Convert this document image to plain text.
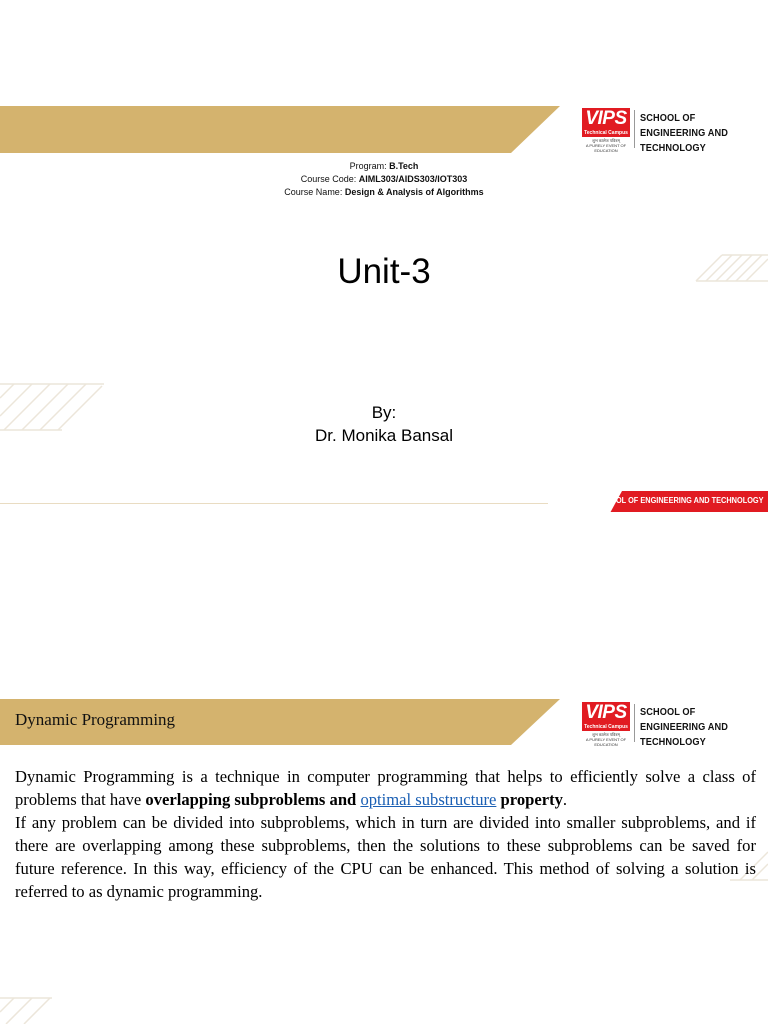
VIPS
Technical Campus
शुभ कालेज पवित्रम्
A PURELY EVENT OF EDUCATION
SCHOOL OF
ENGINEERING AND
TECHNOLOGY
Program: B.Tech
Course Code: AIML303/AIDS303/IOT303
Course Name: Design & Analysis of Algorithms
Unit-3
By:
Dr. Monika Bansal
SCHOOL OF ENGINEERING AND TECHNOLOGY
VIPS
Technical Campus
शुभ कालेज पवित्रम्
A PURELY EVENT OF EDUCATION
SCHOOL OF
ENGINEERING AND
TECHNOLOGY
Dynamic Programming

Dynamic Programming is a technique in computer programming that helps to efficiently solve a class of problems that have overlapping subproblems and optimal substructure property.

If any problem can be divided into subproblems, which in turn are divided into smaller subproblems, and if there are overlapping among these subproblems, then the solutions to these subproblems can be saved for future reference. In this way, efficiency of the CPU can be enhanced. This method of solving a solution is referred to as dynamic programming.
